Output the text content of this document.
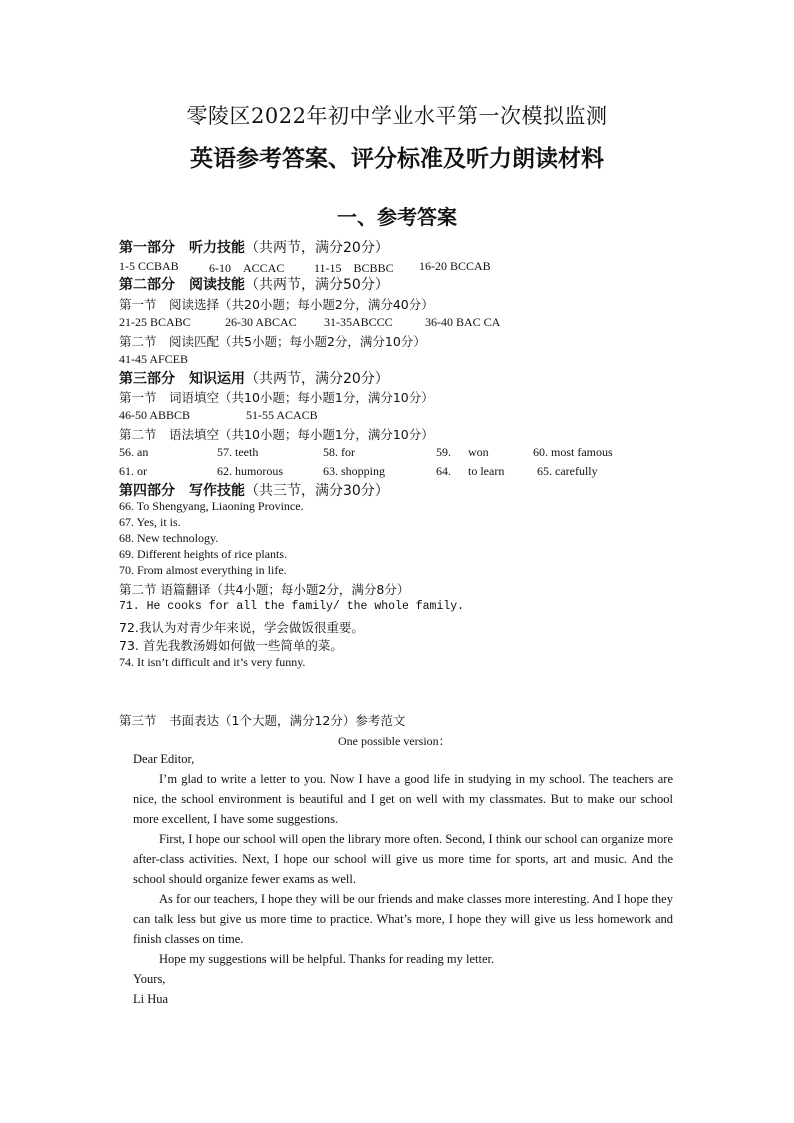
零陵区2022年初中学业水平第一次模拟监测
英语参考答案、评分标准及听力朗读材料
一、参考答案
第一部分　听力技能（共两节，满分20分）
1-5 CCBAB	6-10　ACCAC 11-15　BCBBC 16-20 BCCAB
第二部分　阅读技能（共两节，满分50分）
第一节　阅读选择（共20小题；每小题2分，满分40分）
21-25 BCABC	26-30 ABCAC 31-35ABCCC	36-40 BAC CA
第二节　阅读匹配（共5小题；每小题2分，满分10分）
41-45 AFCEB
第三部分　知识运用（共两节，满分20分）
第一节　词语填空（共10小题；每小题1分，满分10分）
46-50 ABBCB	51-55 ACACB
第二节　语法填空（共10小题；每小题1分，满分10分）
56. an	57. teeth	58. for	59. won	60. most famous
61. or	62. humorous	63. shopping	64. to learn	65. carefully
第四部分　写作技能（共三节，满分30分）
66. To Shengyang, Liaoning Province.
67. Yes, it is.
68. New technology.
69. Different heights of rice plants.
70. From almost everything in life.
第二节 语篇翻译（共4小题；每小题2分，满分8分）
71. He cooks for all the family/ the whole family.
72.我认为对青少年来说，学会做饭很重要。
73. 首先我教汤姆如何做一些简单的菜。
74. It isn’t difficult and it’s very funny.
第三节　书面表达（1个大题，满分12分）参考范文
One possible version：

Dear Editor,

I’m glad to write a letter to you. Now I have a good life in studying in my school. The teachers are nice, the school environment is beautiful and I get on well with my classmates. But to make our school more excellent, I have some suggestions.

First, I hope our school will open the library more often. Second, I think our school can organize more after-class activities. Next, I hope our school will give us more time for sports, art and music. And the school should organize fewer exams as well.

As for our teachers, I hope they will be our friends and make classes more interesting. And I hope they can talk less but give us more time to practice. What’s more, I hope they will give us less homework and finish classes on time.

Hope my suggestions will be helpful. Thanks for reading my letter.

Yours,

Li Hua
